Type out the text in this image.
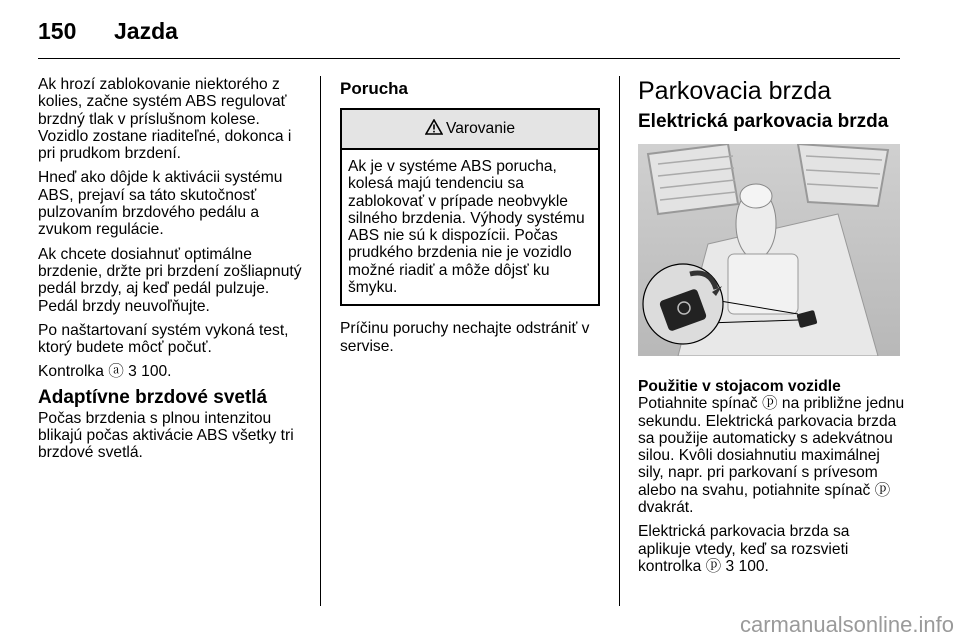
150 Jazda

Ak hrozí zablokovanie niektorého z kolies, začne systém ABS regulovať brzdný tlak v príslušnom kolese. Vozidlo zostane riaditeľné, dokonca i pri prudkom brzdení.

Hneď ako dôjde k aktivácii systému ABS, prejaví sa táto skutočnosť pulzovaním brzdového pedálu a zvukom regulácie.

Ak chcete dosiahnuť optimálne brzdenie, držte pri brzdení zošliapnutý pedál brzdy, aj keď pedál pulzuje. Pedál brzdy neuvoľňujte.

Po naštartovaní systém vykoná test, ktorý budete môcť počuť.

Kontrolka ⓐ 3 100.

Adaptívne brzdové svetlá

Počas brzdenia s plnou intenzitou blikajú počas aktivácie ABS všetky tri brzdové svetlá.

Porucha
Varovanie
Ak je v systéme ABS porucha, kolesá majú tendenciu sa zablokovať v prípade neobvykle silného brzdenia. Výhody systému ABS nie sú k dispozícii. Počas prudkého brzdenia nie je vozidlo možné riadiť a môže dôjsť ku šmyku.

Príčinu poruchy nechajte odstrániť v servise.

Parkovacia brzda
Elektrická parkovacia brzda

Použitie v stojacom vozidle

Potiahnite spínač ⓟ na približne jednu sekundu. Elektrická parkovacia brzda sa použije automaticky s adekvátnou silou. Kvôli dosiahnutiu maximálnej sily, napr. pri parkovaní s prívesom alebo na svahu, potiahnite spínač ⓟ dvakrát.

Elektrická parkovacia brzda sa aplikuje vtedy, keď sa rozsvieti kontrolka ⓟ 3 100.

carmanualsonline.info
